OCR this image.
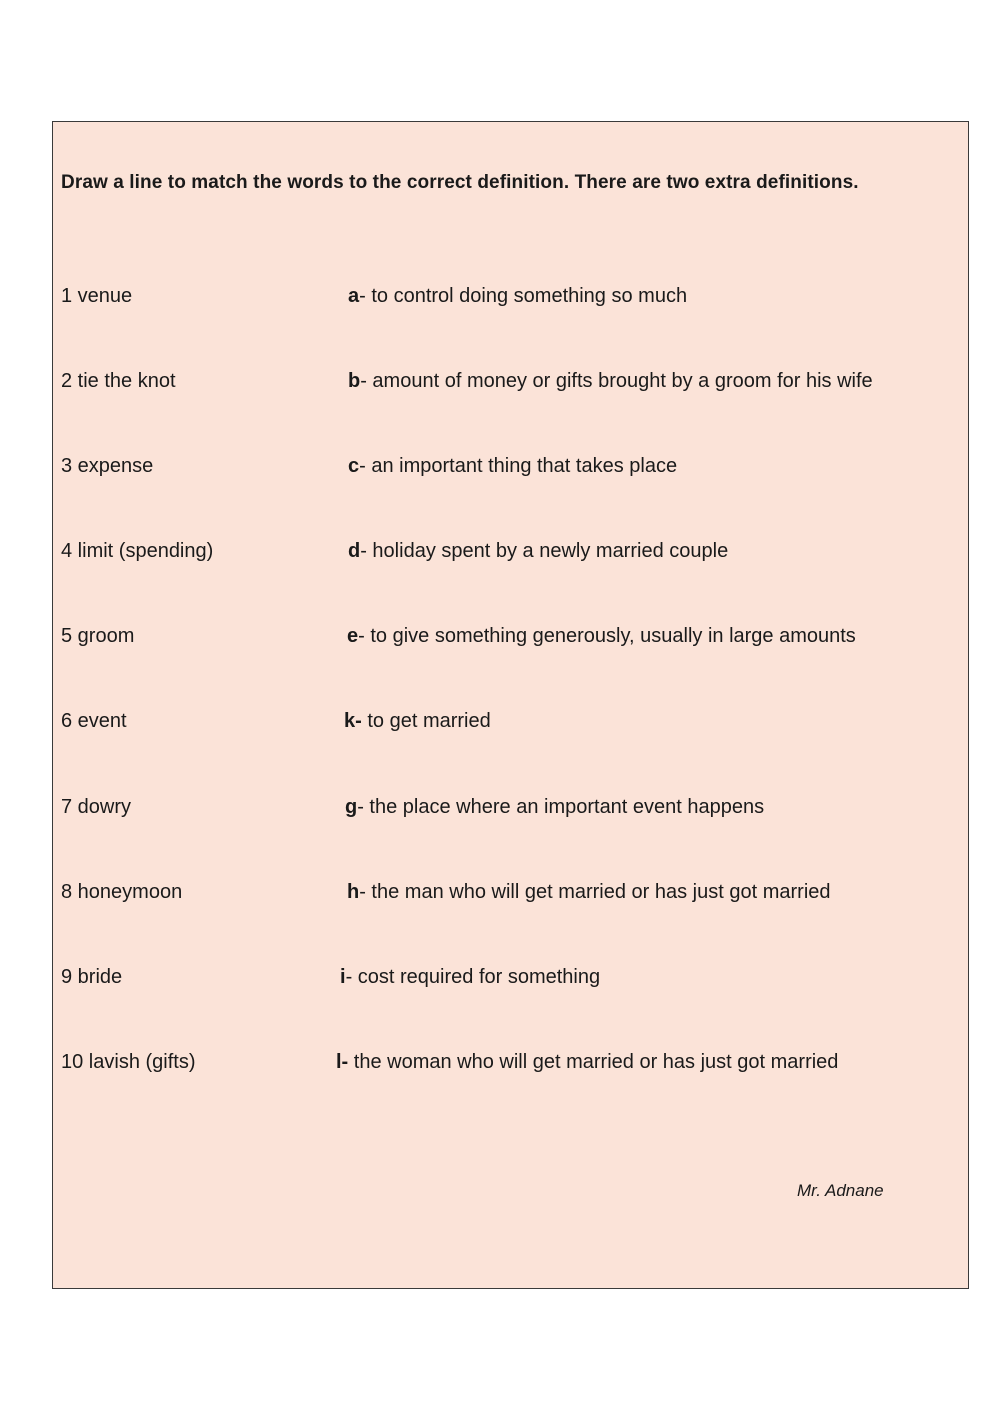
Draw a line to match the words to the correct definition. There are two extra definitions.
1 venue	a- to control doing something so much
2 tie the knot	b- amount of money or gifts brought by a groom for his wife
3 expense	c- an important thing that takes place
4 limit (spending)	d- holiday spent by a newly married couple
5 groom	e- to give something generously, usually in large amounts
6 event	k- to get married
7 dowry	g- the place where an important event happens
8 honeymoon	h- the man who will get married or has just got married
9 bride	i- cost required for something
10 lavish (gifts)	l- the woman who will get married or has just got married
Mr. Adnane
